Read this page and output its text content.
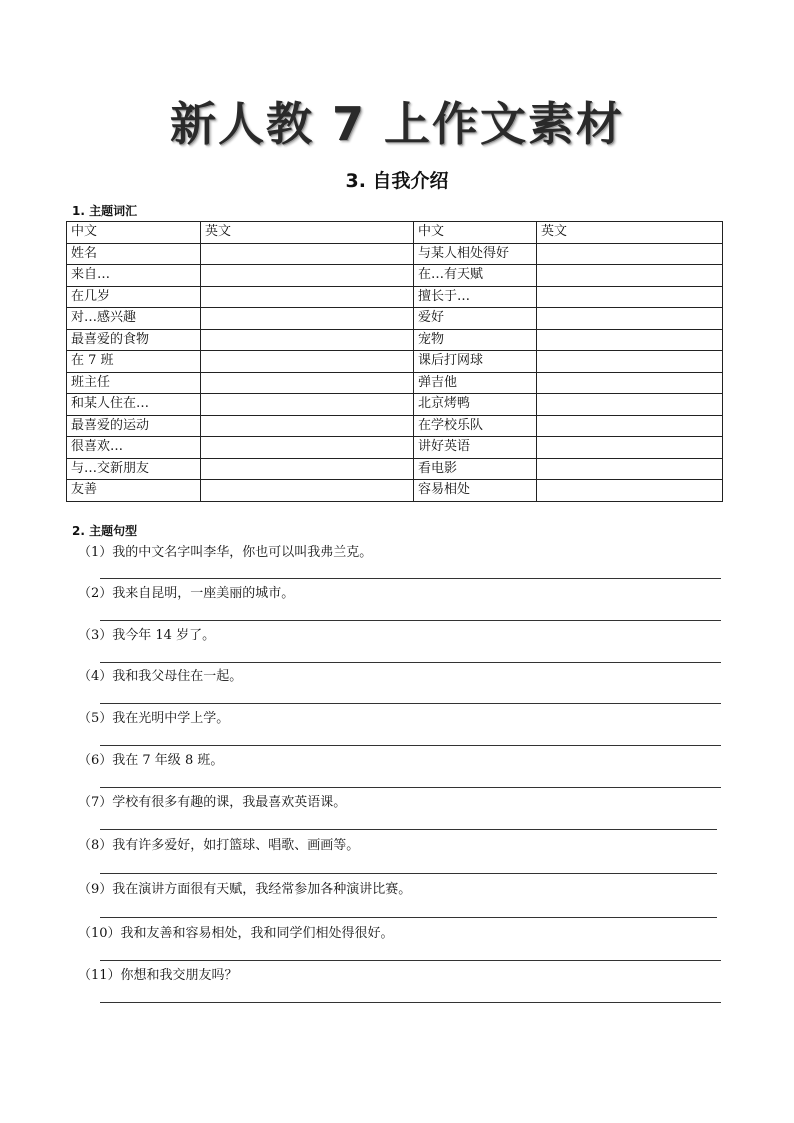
新人教 7 上作文素材
3. 自我介绍
1. 主题词汇
中文	英文	中文	英文
姓名		与某人相处得好	
来自…		在…有天赋	
在几岁		擅长于…	
对…感兴趣		爱好	
最喜爱的食物		宠物	
在 7 班		课后打网球	
班主任		弹吉他	
和某人住在…		北京烤鸭	
最喜爱的运动		在学校乐队	
很喜欢…		讲好英语	
与…交新朋友		看电影	
友善		容易相处	
2. 主题句型
（1）我的中文名字叫李华，你也可以叫我弗兰克。
（2）我来自昆明，一座美丽的城市。
（3）我今年 14 岁了。
（4）我和我父母住在一起。
（5）我在光明中学上学。
（6）我在 7 年级 8 班。
（7）学校有很多有趣的课，我最喜欢英语课。
（8）我有许多爱好，如打篮球、唱歌、画画等。
（9）我在演讲方面很有天赋，我经常参加各种演讲比赛。
（10）我和友善和容易相处，我和同学们相处得很好。
（11）你想和我交朋友吗？
